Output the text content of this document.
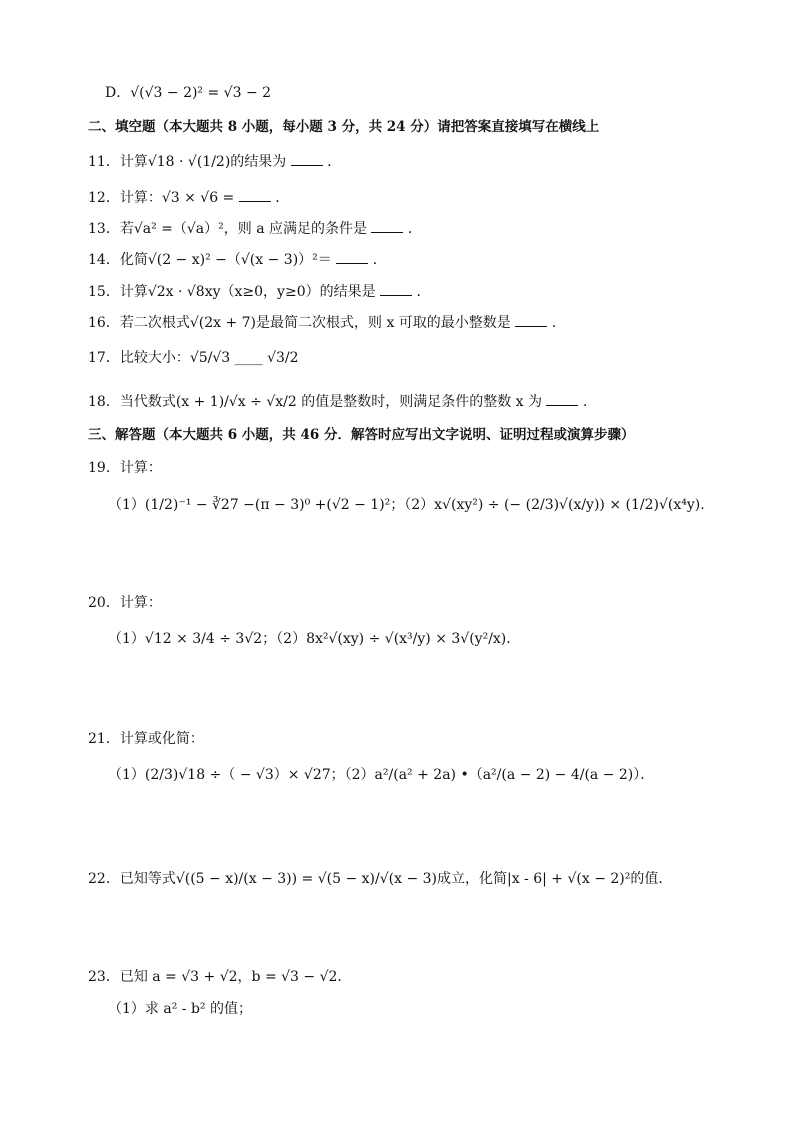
D．√(√3 − 2)² = √3 − 2
二、填空题（本大题共 8 小题，每小题 3 分，共 24 分）请把答案直接填写在横线上
11．计算√18 · √(1/2)的结果为	．
12．计算：√3 × √6 =	．
13．若√a² =（√a）²，则 a 应满足的条件是	．
14．化简√(2 − x)² −（√(x − 3)）²＝	．
15．计算√2x · √8xy（x≥0，y≥0）的结果是	．
16．若二次根式√(2x + 7)是最简二次根式，则 x 可取的最小整数是	．
17．比较大小：√5/√3 ____ √3/2
18．当代数式(x + 1)/√x ÷ √x/2 的值是整数时，则满足条件的整数 x 为	．
三、解答题（本大题共 6 小题，共 46 分．解答时应写出文字说明、证明过程或演算步骤）
19．计算：
（1）(1/2)⁻¹ − ∛27 −(π − 3)⁰ +(√2 − 1)²；（2）x√(xy²) ÷ (− (2/3)√(x/y)) × (1/2)√(x⁴y).
20．计算：
（1）√12 × 3/4 ÷ 3√2；（2）8x²√(xy) ÷ √(x³/y) × 3√(y²/x)．
21．计算或化简：
（1）(2/3)√18 ÷（ − √3）× √27；（2）a²/(a² + 2a) •（a²/(a − 2) − 4/(a − 2)）．
22．已知等式√((5 − x)/(x − 3)) = √(5 − x)/√(x − 3)成立，化简|x - 6| + √(x − 2)²的值．
23．已知 a = √3 + √2，b = √3 − √2．
（1）求 a² - b² 的值；
